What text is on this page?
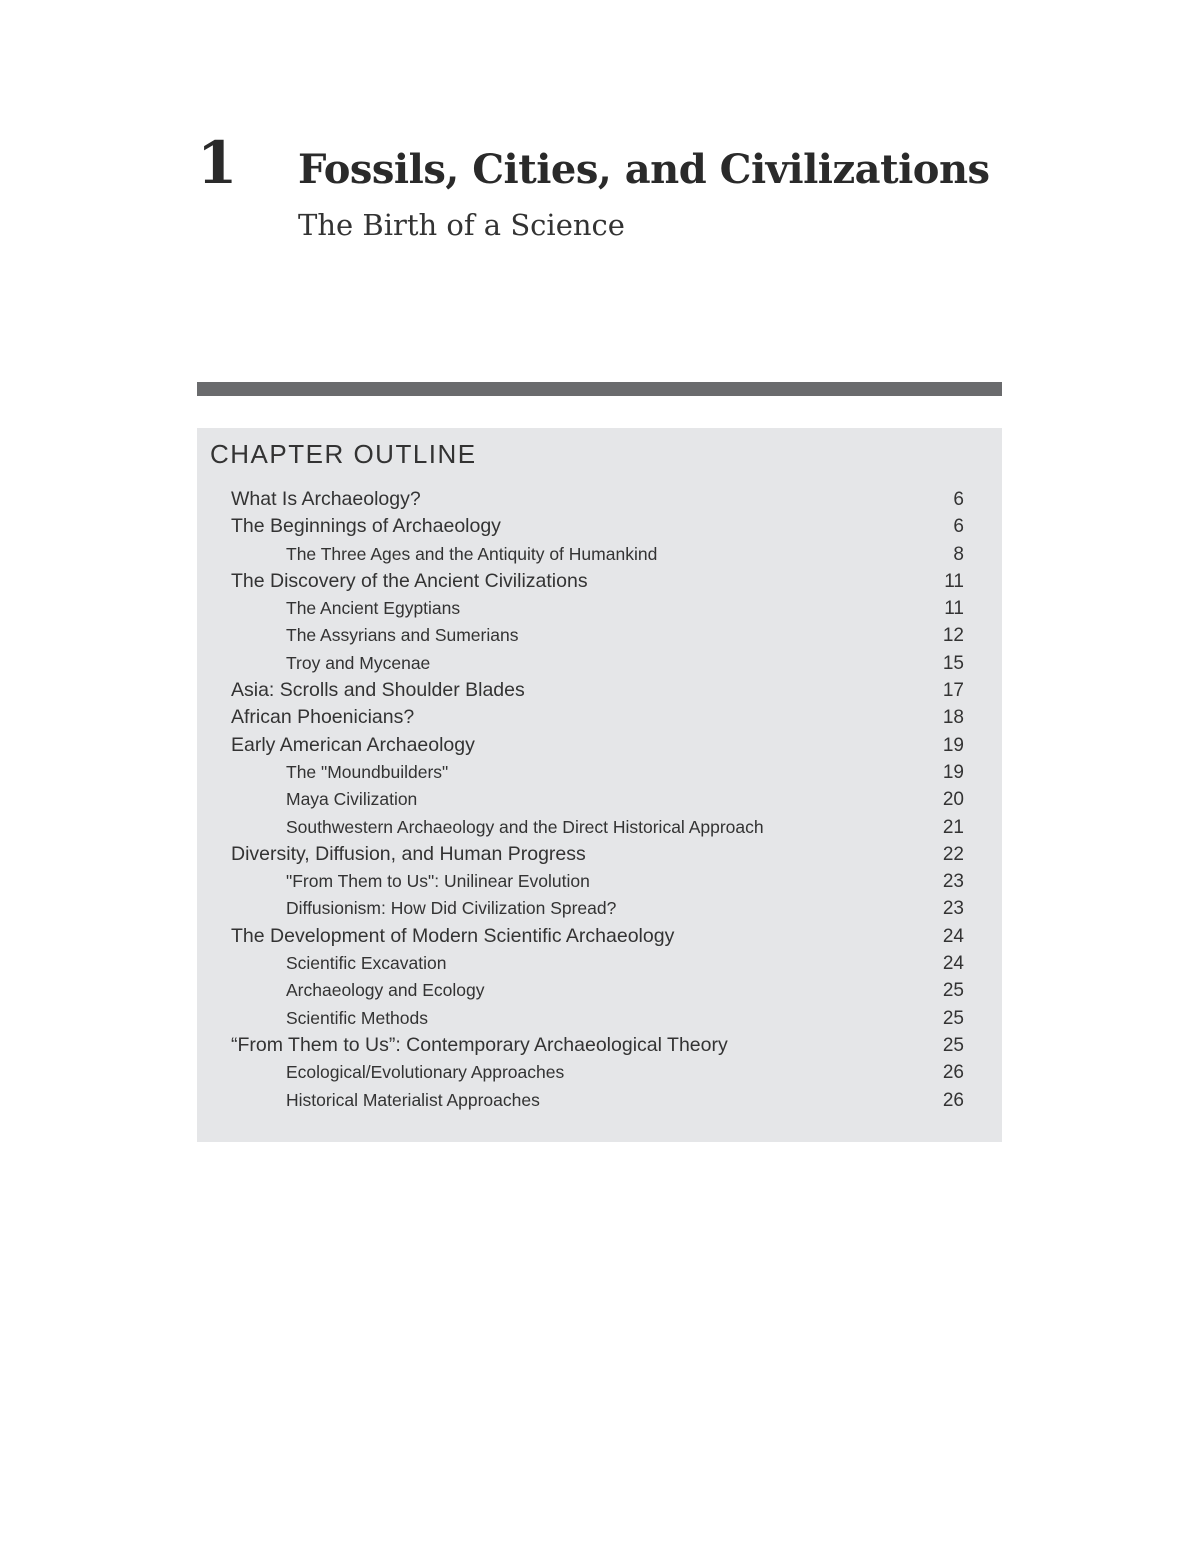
1 Fossils, Cities, and Civilizations
The Birth of a Science
CHAPTER OUTLINE
What Is Archaeology?	6
The Beginnings of Archaeology	6
The Three Ages and the Antiquity of Humankind	8
The Discovery of the Ancient Civilizations	11
The Ancient Egyptians	11
The Assyrians and Sumerians	12
Troy and Mycenae	15
Asia: Scrolls and Shoulder Blades	17
African Phoenicians?	18
Early American Archaeology	19
The "Moundbuilders"	19
Maya Civilization	20
Southwestern Archaeology and the Direct Historical Approach	21
Diversity, Diffusion, and Human Progress	22
"From Them to Us": Unilinear Evolution	23
Diffusionism: How Did Civilization Spread?	23
The Development of Modern Scientific Archaeology	24
Scientific Excavation	24
Archaeology and Ecology	25
Scientific Methods	25
“From Them to Us”: Contemporary Archaeological Theory	25
Ecological/Evolutionary Approaches	26
Historical Materialist Approaches	26
